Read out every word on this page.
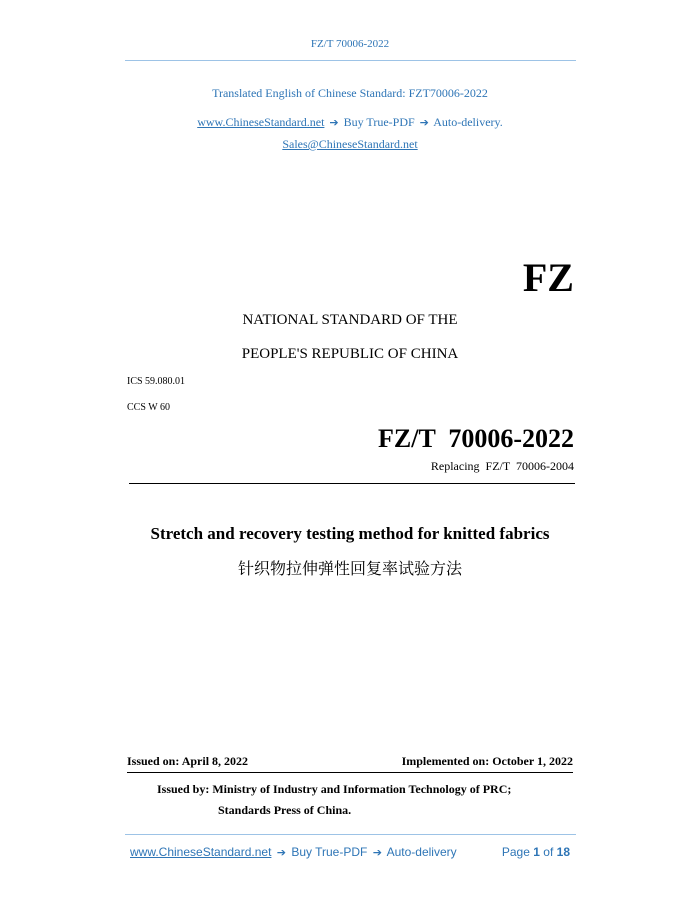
FZ/T 70006-2022
Translated English of Chinese Standard: FZT70006-2022
www.ChineseStandard.net ➔ Buy True-PDF ➔ Auto-delivery.
Sales@ChineseStandard.net
FZ
NATIONAL STANDARD OF THE
PEOPLE'S REPUBLIC OF CHINA
ICS 59.080.01
CCS W 60
FZ/T  70006-2022
Replacing  FZ/T  70006-2004
Stretch and recovery testing method for knitted fabrics
针织物拉伸弹性回复率试验方法
Issued on: April 8, 2022	Implemented on: October 1, 2022
Issued by: Ministry of Industry and Information Technology of PRC;
Standards Press of China.
www.ChineseStandard.net ➔ Buy True-PDF ➔ Auto-delivery	Page 1 of 18
